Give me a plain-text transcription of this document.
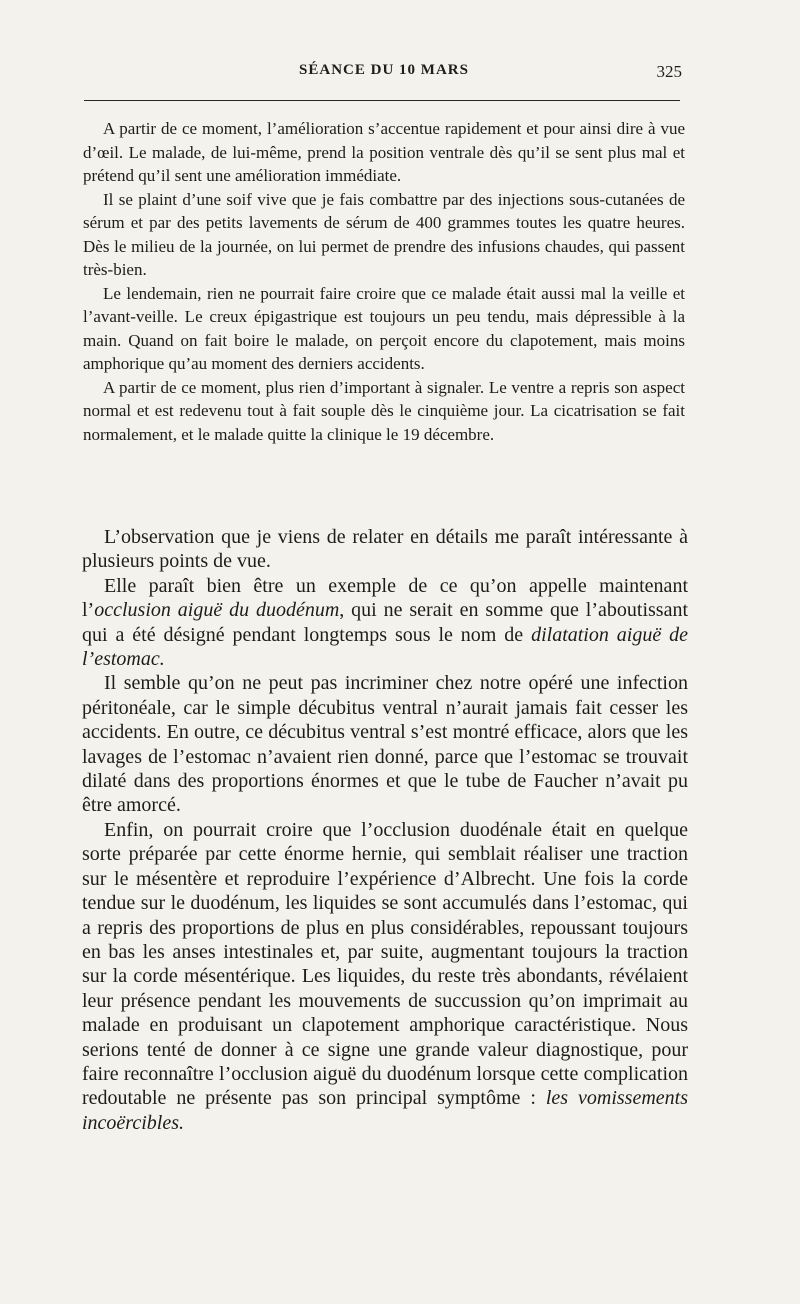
SÉANCE DU 10 MARS	325

A partir de ce moment, l’amélioration s’accentue rapidement et pour ainsi dire à vue d’œil. Le malade, de lui-même, prend la position ventrale dès qu’il se sent plus mal et prétend qu’il sent une amélioration immédiate.

Il se plaint d’une soif vive que je fais combattre par des injections sous-cutanées de sérum et par des petits lavements de sérum de 400 grammes toutes les quatre heures. Dès le milieu de la journée, on lui permet de prendre des infusions chaudes, qui passent très-bien.

Le lendemain, rien ne pourrait faire croire que ce malade était aussi mal la veille et l’avant-veille. Le creux épigastrique est toujours un peu tendu, mais dépressible à la main. Quand on fait boire le malade, on perçoit encore du clapotement, mais moins amphorique qu’au moment des derniers accidents.

A partir de ce moment, plus rien d’important à signaler. Le ventre a repris son aspect normal et est redevenu tout à fait souple dès le cinquième jour. La cicatrisation se fait normalement, et le malade quitte la clinique le 19 décembre.

L’observation que je viens de relater en détails me paraît intéressante à plusieurs points de vue.

Elle paraît bien être un exemple de ce qu’on appelle maintenant l’occlusion aiguë du duodénum, qui ne serait en somme que l’aboutissant qui a été désigné pendant longtemps sous le nom de dilatation aiguë de l’estomac.

Il semble qu’on ne peut pas incriminer chez notre opéré une infection péritonéale, car le simple décubitus ventral n’aurait jamais fait cesser les accidents. En outre, ce décubitus ventral s’est montré efficace, alors que les lavages de l’estomac n’avaient rien donné, parce que l’estomac se trouvait dilaté dans des proportions énormes et que le tube de Faucher n’avait pu être amorcé.

Enfin, on pourrait croire que l’occlusion duodénale était en quelque sorte préparée par cette énorme hernie, qui semblait réaliser une traction sur le mésentère et reproduire l’expérience d’Albrecht. Une fois la corde tendue sur le duodénum, les liquides se sont accumulés dans l’estomac, qui a repris des proportions de plus en plus considérables, repoussant toujours en bas les anses intestinales et, par suite, augmentant toujours la traction sur la corde mésentérique. Les liquides, du reste très abondants, révélaient leur présence pendant les mouvements de succussion qu’on imprimait au malade en produisant un clapotement amphorique caractéristique. Nous serions tenté de donner à ce signe une grande valeur diagnostique, pour faire reconnaître l’occlusion aiguë du duodénum lorsque cette complication redoutable ne présente pas son principal symptôme : les vomissements incoërcibles.
